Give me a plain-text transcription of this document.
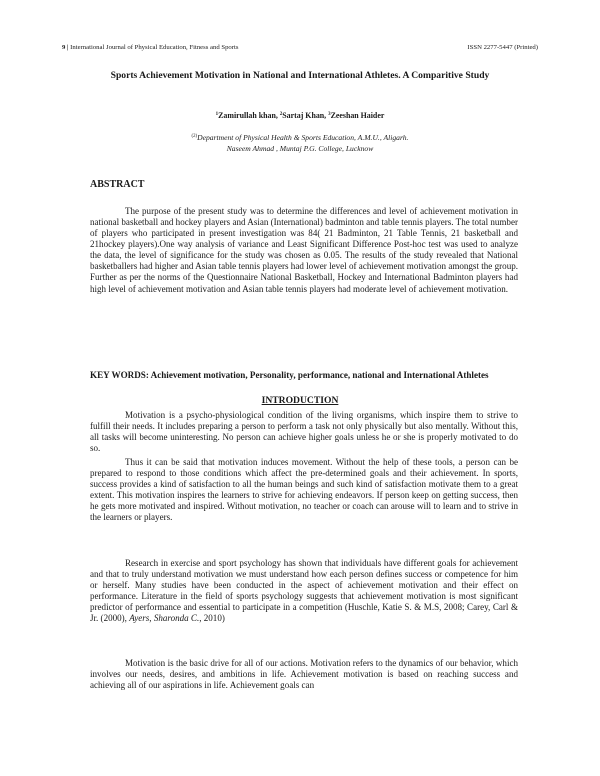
9 | International Journal of Physical Education, Fitness and Sports	ISSN 2277-5447 (Printed)
Sports Achievement Motivation in National and International Athletes. A Comparitive Study
$^1$Zamirullah khan, $^2$Sartaj Khan, $^3$Zeeshan Haider
$^{(2)}$Department of Physical Health & Sports Education, A.M.U., Aligarh.
Naseem Ahmad , Muntaj P.G. College, Lucknow
ABSTRACT
The purpose of the present study was to determine the differences and level of achievement motivation in national basketball and hockey players and Asian (International) badminton and table tennis players. The total number of players who participated in present investigation was 84( 21 Badminton, 21 Table Tennis, 21 basketball and 21hockey players).One way analysis of variance and Least Significant Difference Post-hoc test was used to analyze the data, the level of significance for the study was chosen as 0.05. The results of the study revealed that National basketballers had higher and Asian table tennis players had lower level of achievement motivation amongst the group. Further as per the norms of the Questionnaire National Basketball, Hockey and International Badminton players had high level of achievement motivation and Asian table tennis players had moderate level of achievement motivation.
KEY WORDS: Achievement motivation, Personality, performance, national and International Athletes
INTRODUCTION
Motivation is a psycho-physiological condition of the living organisms, which inspire them to strive to fulfill their needs. It includes preparing a person to perform a task not only physically but also mentally. Without this, all tasks will become uninteresting. No person can achieve higher goals unless he or she is properly motivated to do so.
Thus it can be said that motivation induces movement. Without the help of these tools, a person can be prepared to respond to those conditions which affect the pre-determined goals and their achievement. In sports, success provides a kind of satisfaction to all the human beings and such kind of satisfaction motivate them to a great extent. This motivation inspires the learners to strive for achieving endeavors. If person keep on getting success, then he gets more motivated and inspired. Without motivation, no teacher or coach can arouse will to learn and to strive in the learners or players.
Research in exercise and sport psychology has shown that individuals have different goals for achievement and that to truly understand motivation we must understand how each person defines success or competence for him or herself. Many studies have been conducted in the aspect of achievement motivation and their effect on performance. Literature in the field of sports psychology suggests that achievement motivation is most significant predictor of performance and essential to participate in a competition (Huschle, Katie S. & M.S, 2008; Carey, Carl & Jr. (2000), Ayers, Sharonda C., 2010)
Motivation is the basic drive for all of our actions. Motivation refers to the dynamics of our behavior, which involves our needs, desires, and ambitions in life. Achievement motivation is based on reaching success and achieving all of our aspirations in life. Achievement goals can
